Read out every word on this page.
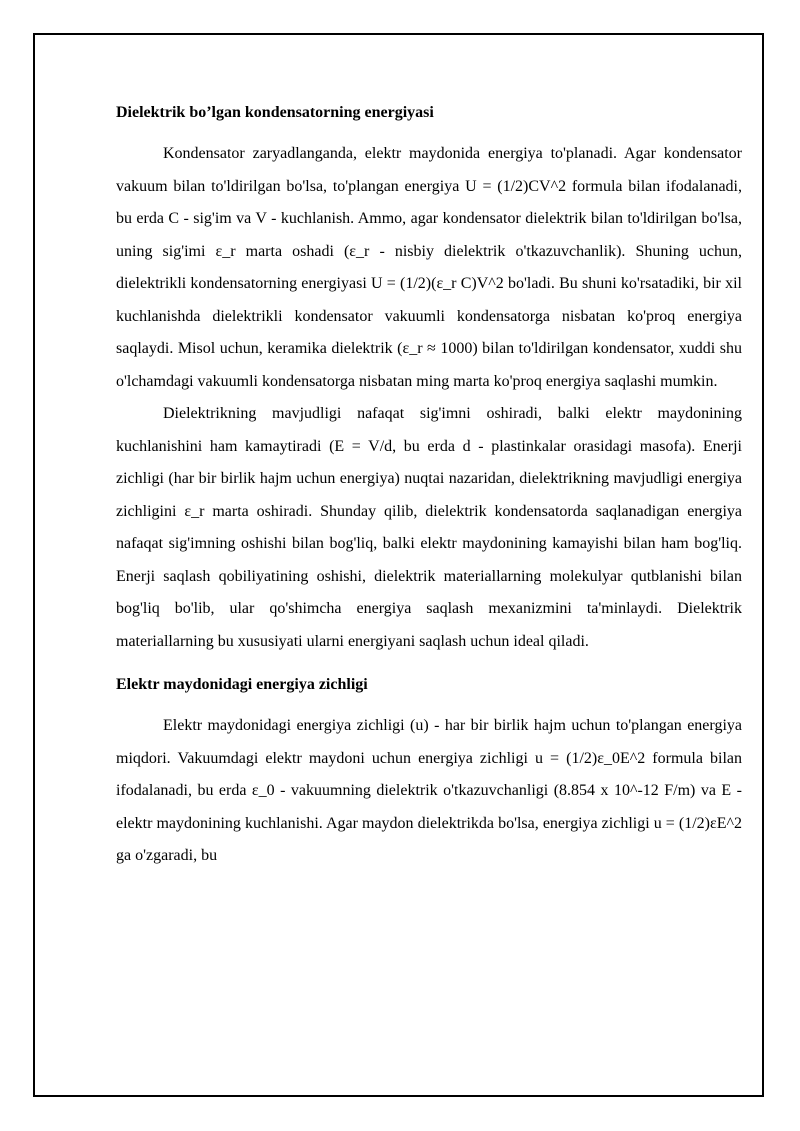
Dielektrik bo’lgan kondensatorning energiyasi

Kondensator zaryadlanganda, elektr maydonida energiya to'planadi. Agar kondensator vakuum bilan to'ldirilgan bo'lsa, to'plangan energiya U = (1/2)CV^2 formula bilan ifodalanadi, bu erda C - sig'im va V - kuchlanish. Ammo, agar kondensator dielektrik bilan to'ldirilgan bo'lsa, uning sig'imi ε_r marta oshadi (ε_r - nisbiy dielektrik o'tkazuvchanlik). Shuning uchun, dielektrikli kondensatorning energiyasi U = (1/2)(ε_r C)V^2 bo'ladi. Bu shuni ko'rsatadiki, bir xil kuchlanishda dielektrikli kondensator vakuumli kondensatorga nisbatan ko'proq energiya saqlaydi. Misol uchun, keramika dielektrik (ε_r ≈ 1000) bilan to'ldirilgan kondensator, xuddi shu o'lchamdagi vakuumli kondensatorga nisbatan ming marta ko'proq energiya saqlashi mumkin.

Dielektrikning mavjudligi nafaqat sig'imni oshiradi, balki elektr maydonining kuchlanishini ham kamaytiradi (E = V/d, bu erda d - plastinkalar orasidagi masofa). Enerji zichligi (har bir birlik hajm uchun energiya) nuqtai nazaridan, dielektrikning mavjudligi energiya zichligini ε_r marta oshiradi. Shunday qilib, dielektrik kondensatorda saqlanadigan energiya nafaqat sig'imning oshishi bilan bog'liq, balki elektr maydonining kamayishi bilan ham bog'liq. Enerji saqlash qobiliyatining oshishi, dielektrik materiallarning molekulyar qutblanishi bilan bog'liq bo'lib, ular qo'shimcha energiya saqlash mexanizmini ta'minlaydi. Dielektrik materiallarning bu xususiyati ularni energiyani saqlash uchun ideal qiladi.

Elektr maydonidagi energiya zichligi

Elektr maydonidagi energiya zichligi (u) - har bir birlik hajm uchun to'plangan energiya miqdori. Vakuumdagi elektr maydoni uchun energiya zichligi u = (1/2)ε_0E^2 formula bilan ifodalanadi, bu erda ε_0 - vakuumning dielektrik o'tkazuvchanligi (8.854 x 10^-12 F/m) va E - elektr maydonining kuchlanishi. Agar maydon dielektrikda bo'lsa, energiya zichligi u = (1/2)εE^2 ga o'zgaradi, bu
